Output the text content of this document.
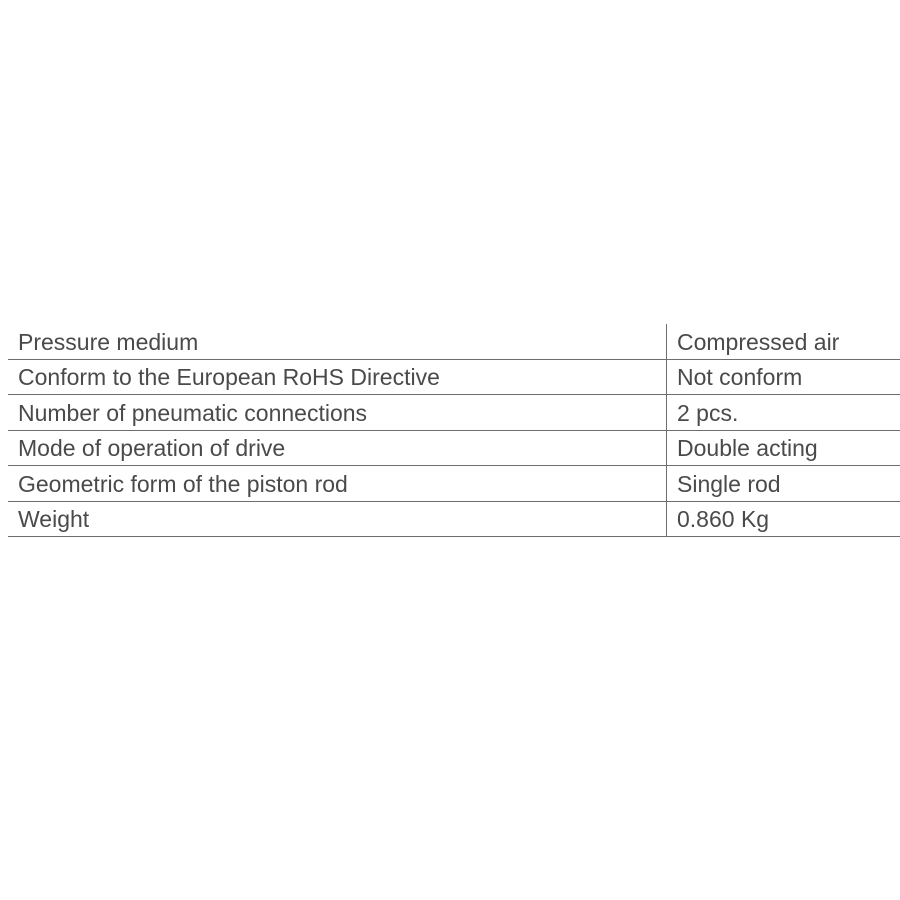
Pressure medium	Compressed air
Conform to the European RoHS Directive	Not conform
Number of pneumatic connections	2 pcs.
Mode of operation of drive	Double acting
Geometric form of the piston rod	Single rod
Weight	0.860 Kg
